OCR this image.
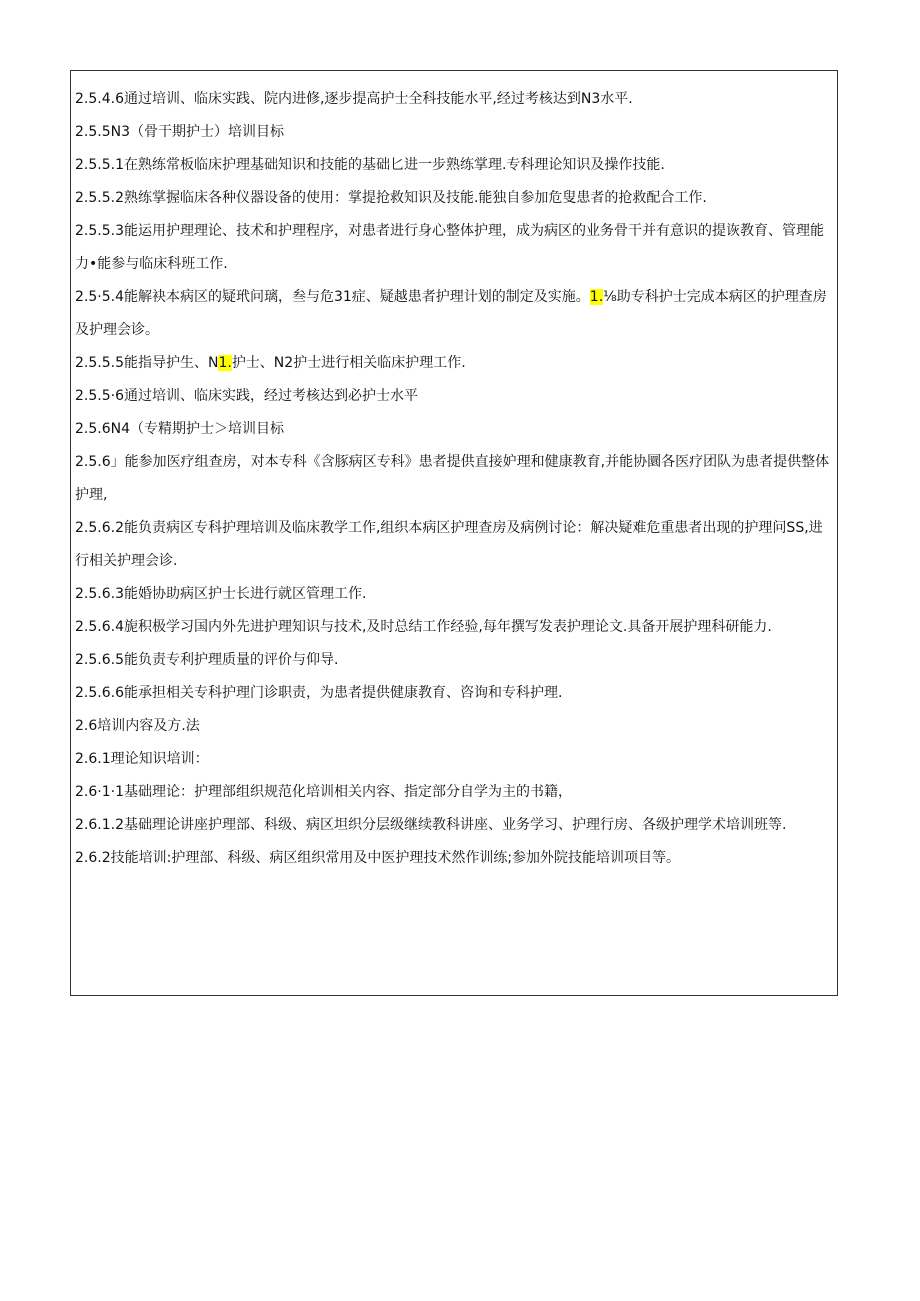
2.5.4.6通过培训、临床实践、院内进修,逐步提高护士全科技能水平,经过考核达到N3水平.

2.5.5N3（骨干期护士）培训目标

2.5.5.1在熟练常板临床护理基础知识和技能的基础匕进一步熟练掌理.专科理论知识及操作技能.

2.5.5.2熟练掌握临床各种仪器设备的使用：掌提抢救知识及技能.能独自参加危叟患者的抢救配合工作.

2.5.5.3能运用护理理论、技术和护理程序，对患者进行身心整体护理，成为病区的业务骨干并有意识的提诙教育、管理能力•能参与临床科班工作.

2.5·5.4能解袂本病区的疑玳问璃，叁与危31症、疑越患者护理计划的制定及实施。1.⅛助专科护士完成本病区的护理查房及护理会诊。

2.5.5.5能指导护生、N1.护士、N2护士进行相关临床护理工作.

2.5.5·6通过培训、临床实践，经过考核达到必护士水平

2.5.6N4（专精期护士＞培训目标

2.5.6」能参加医疗组查房，对本专科《含豚病区专科》患者提供直接妒理和健康教育,并能协圜各医疗团队为患者提供整体护理,

2.5.6.2能负责病区专科护理培训及临床教学工作,组织本病区护理查房及病例讨论：解决疑难危重患者出现的护理问SS,进行相关护理会诊.

2.5.6.3能婚协助病区护士长进行就区管理工作.

2.5.6.4旎积极学习国内外先进护理知识与技术,及时总结工作经验,每年撰写发表护理论文.具备开展护理科研能力.

2.5.6.5能负责专利护理质量的评价与仰导.

2.5.6.6能承担相关专科护理门诊职责，为患者提供健康教育、咨询和专科护理.

2.6培训内容及方.法

2.6.1理论知识培训：

2.6·1·1基础理论：护理部组织规范化培训相关内容、指定部分自学为主的书籍，

2.6.1.2基础理论讲座护理部、科级、病区坦织分层级继续教科讲座、业务学习、护理行房、各级护理学术培训班等.

2.6.2技能培训:护理部、科级、病区组织常用及中医护理技术然作训练;参加外院技能培训项目等。
